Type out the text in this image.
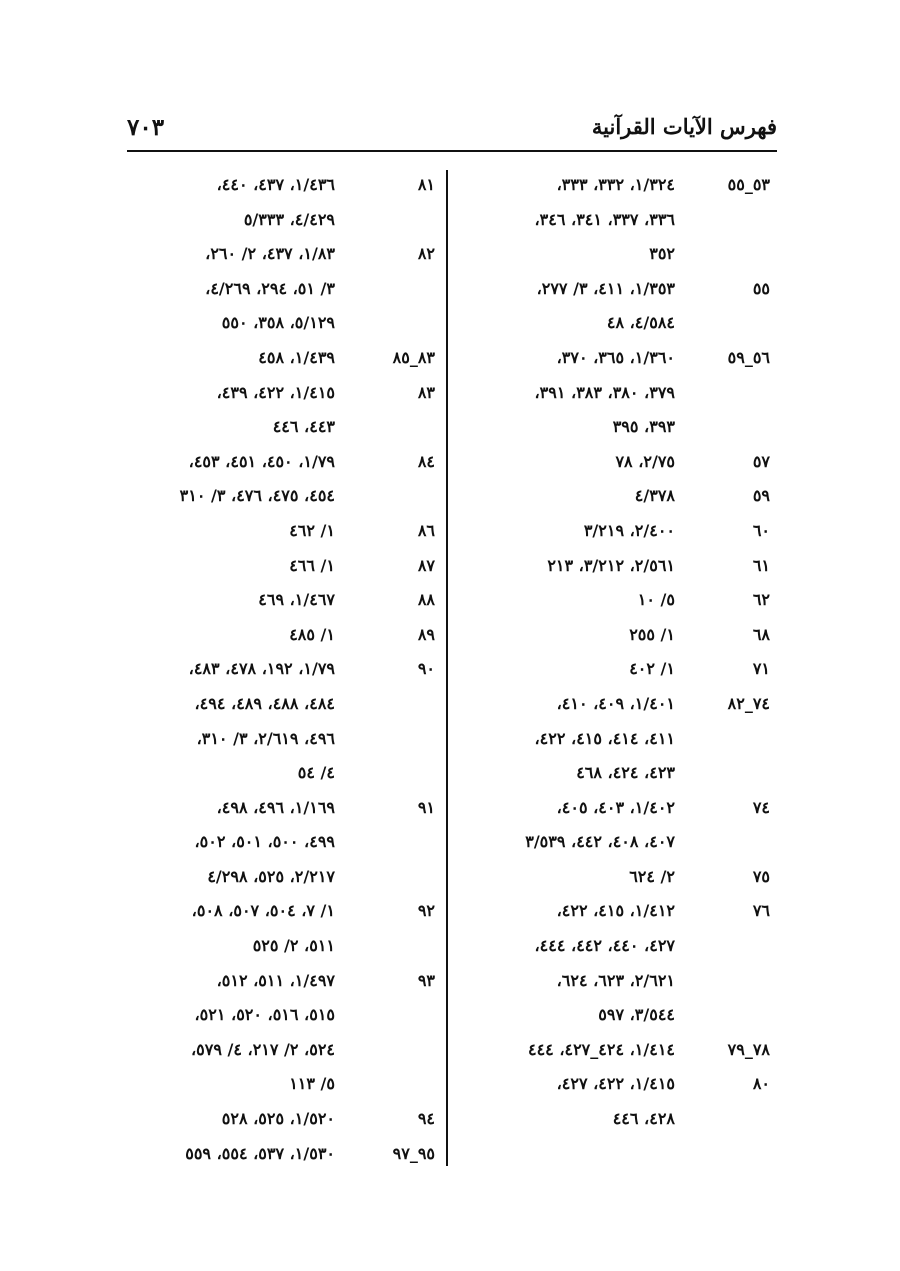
فهرس الآيات القرآنية
٧٠٣
٥٣_٥٥
١/٣٢٤، ٣٣٢، ٣٣٣،
٣٣٦، ٣٣٧، ٣٤١، ٣٤٦،
٣٥٢
٥٥
١/٣٥٣، ٤١١، ٣/ ٢٧٧،
٤/٥٨٤، ٤٨
٥٦_٥٩
١/٣٦٠، ٣٦٥، ٣٧٠،
٣٧٩، ٣٨٠، ٣٨٣، ٣٩١،
٣٩٣، ٣٩٥
٥٧
٢/٧٥، ٧٨
٥٩
٤/٣٧٨
٦٠
٢/٤٠٠، ٣/٢١٩
٦١
٢/٥٦١، ٣/٢١٢، ٢١٣
٦٢
٥/ ١٠
٦٨
١/ ٢٥٥
٧١
١/ ٤٠٢
٧٤_٨٢
١/٤٠١، ٤٠٩، ٤١٠،
٤١١، ٤١٤، ٤١٥، ٤٢٢،
٤٢٣، ٤٢٤، ٤٦٨
٧٤
١/٤٠٢، ٤٠٣، ٤٠٥،
٤٠٧، ٤٠٨، ٤٤٢، ٣/٥٣٩
٧٥
٢/ ٦٢٤
٧٦
١/٤١٢، ٤١٥، ٤٢٢،
٤٢٧، ٤٤٠، ٤٤٢، ٤٤٤،
٢/٦٢١، ٦٢٣، ٦٢٤،
٣/٥٤٤، ٥٩٧
٧٨_٧٩
١/٤١٤، ٤٢٤_٤٢٧، ٤٤٤
٨٠
١/٤١٥، ٤٢٢، ٤٢٧،
٤٢٨، ٤٤٦
٨١
١/٤٣٦، ٤٣٧، ٤٤٠،
٤/٤٢٩، ٥/٣٣٣
٨٢
١/٨٣، ٤٣٧، ٢/ ٢٦٠،
٣/ ٥١، ٢٩٤، ٤/٢٦٩،
٥/١٢٩، ٣٥٨، ٥٥٠
٨٣_٨٥
١/٤٣٩، ٤٥٨
٨٣
١/٤١٥، ٤٢٢، ٤٣٩،
٤٤٣، ٤٤٦
٨٤
١/٧٩، ٤٥٠، ٤٥١، ٤٥٣،
٤٥٤، ٤٧٥، ٤٧٦، ٣/ ٣١٠
٨٦
١/ ٤٦٢
٨٧
١/ ٤٦٦
٨٨
١/٤٦٧، ٤٦٩
٨٩
١/ ٤٨٥
٩٠
١/٧٩، ١٩٢، ٤٧٨، ٤٨٣،
٤٨٤، ٤٨٨، ٤٨٩، ٤٩٤،
٤٩٦، ٢/٦١٩، ٣/ ٣١٠،
٤/ ٥٤
٩١
١/١٦٩، ٤٩٦، ٤٩٨،
٤٩٩، ٥٠٠، ٥٠١، ٥٠٢،
٢/٢١٧، ٥٢٥، ٤/٢٩٨
٩٢
١/ ٧، ٥٠٤، ٥٠٧، ٥٠٨،
٥١١، ٢/ ٥٢٥
٩٣
١/٤٩٧، ٥١١، ٥١٢،
٥١٥، ٥١٦، ٥٢٠، ٥٢١،
٥٢٤، ٢/ ٢١٧، ٤/ ٥٧٩،
٥/ ١١٣
٩٤
١/٥٢٠، ٥٢٥، ٥٢٨
٩٥_٩٧
١/٥٣٠، ٥٣٧، ٥٥٤، ٥٥٩
